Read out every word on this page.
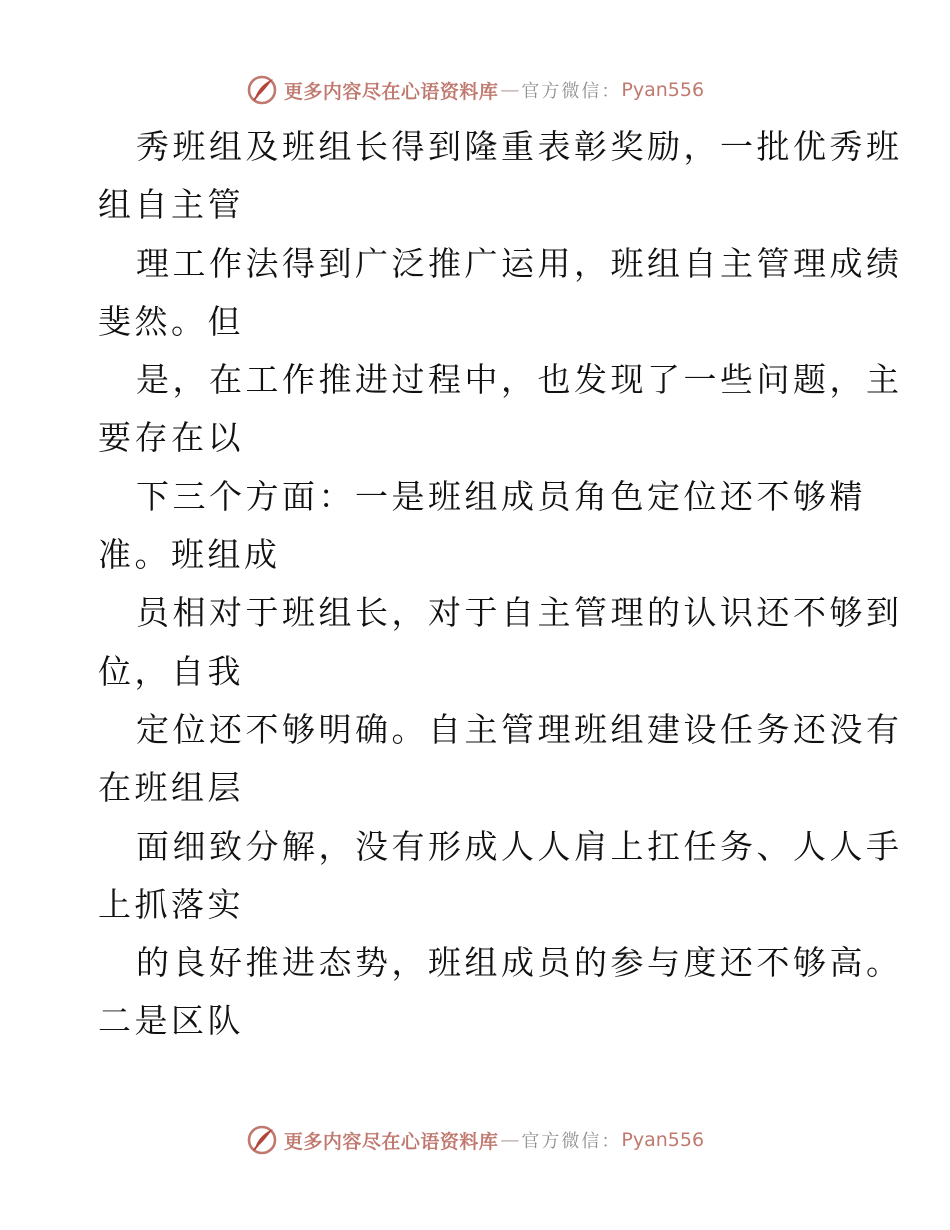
更多内容尽在心语资料库 — 官方微信： Pyan556

秀班组及班组长得到隆重表彰奖励，一批优秀班
组自主管

理工作法得到广泛推广运用，班组自主管理成绩
斐然。但

是，在工作推进过程中，也发现了一些问题，主
要存在以

下三个方面：一是班组成员角色定位还不够精
准。班组成

员相对于班组长，对于自主管理的认识还不够到
位，自我

定位还不够明确。自主管理班组建设任务还没有
在班组层

面细致分解，没有形成人人肩上扛任务、人人手
上抓落实

的良好推进态势，班组成员的参与度还不够高。
二是区队

更多内容尽在心语资料库 — 官方微信： Pyan556
